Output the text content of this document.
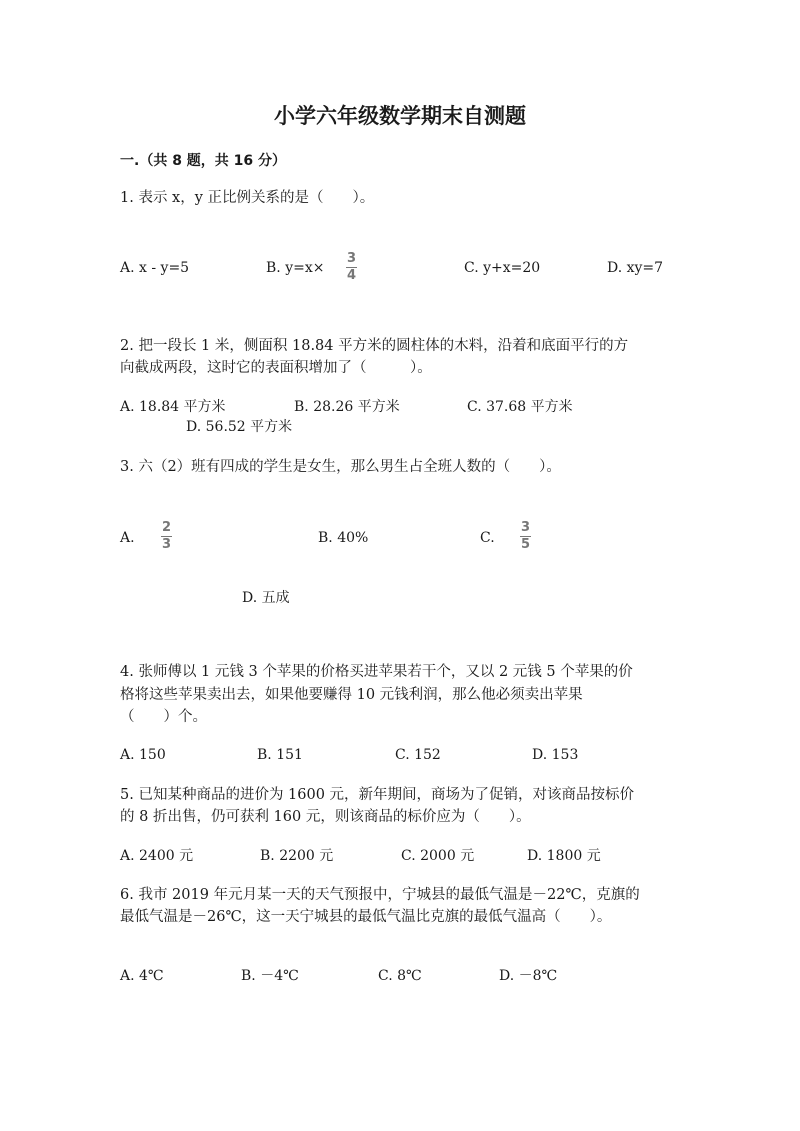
小学六年级数学期末自测题
一.（共 8 题，共 16 分）
1. 表示 x，y 正比例关系的是（　　）。
A. x - y=5	B. y=x×
3
4	C. y+x=20	D. xy=7
2. 把一段长 1 米，侧面积 18.84 平方米的圆柱体的木料，沿着和底面平行的方
向截成两段，这时它的表面积增加了（　　　）。
A. 18.84 平方米	B. 28.26 平方米	C. 37.68 平方米
D. 56.52 平方米
3. 六（2）班有四成的学生是女生，那么男生占全班人数的（　　）。
A.
2
3	B. 40%	C.
3
5
D. 五成
4. 张师傅以 1 元钱 3 个苹果的价格买进苹果若干个，又以 2 元钱 5 个苹果的价
格将这些苹果卖出去，如果他要赚得 10 元钱利润，那么他必须卖出苹果
（　　）个。
A. 150	B. 151	C. 152	D. 153
5. 已知某种商品的进价为 1600 元，新年期间，商场为了促销，对该商品按标价
的 8 折出售，仍可获利 160 元，则该商品的标价应为（　　）。
A. 2400 元	B. 2200 元	C. 2000 元	D. 1800 元
6. 我市 2019 年元月某一天的天气预报中，宁城县的最低气温是－22℃，克旗的
最低气温是－26℃，这一天宁城县的最低气温比克旗的最低气温高（　　）。
A. 4℃	B. －4℃	C. 8℃	D. －8℃
